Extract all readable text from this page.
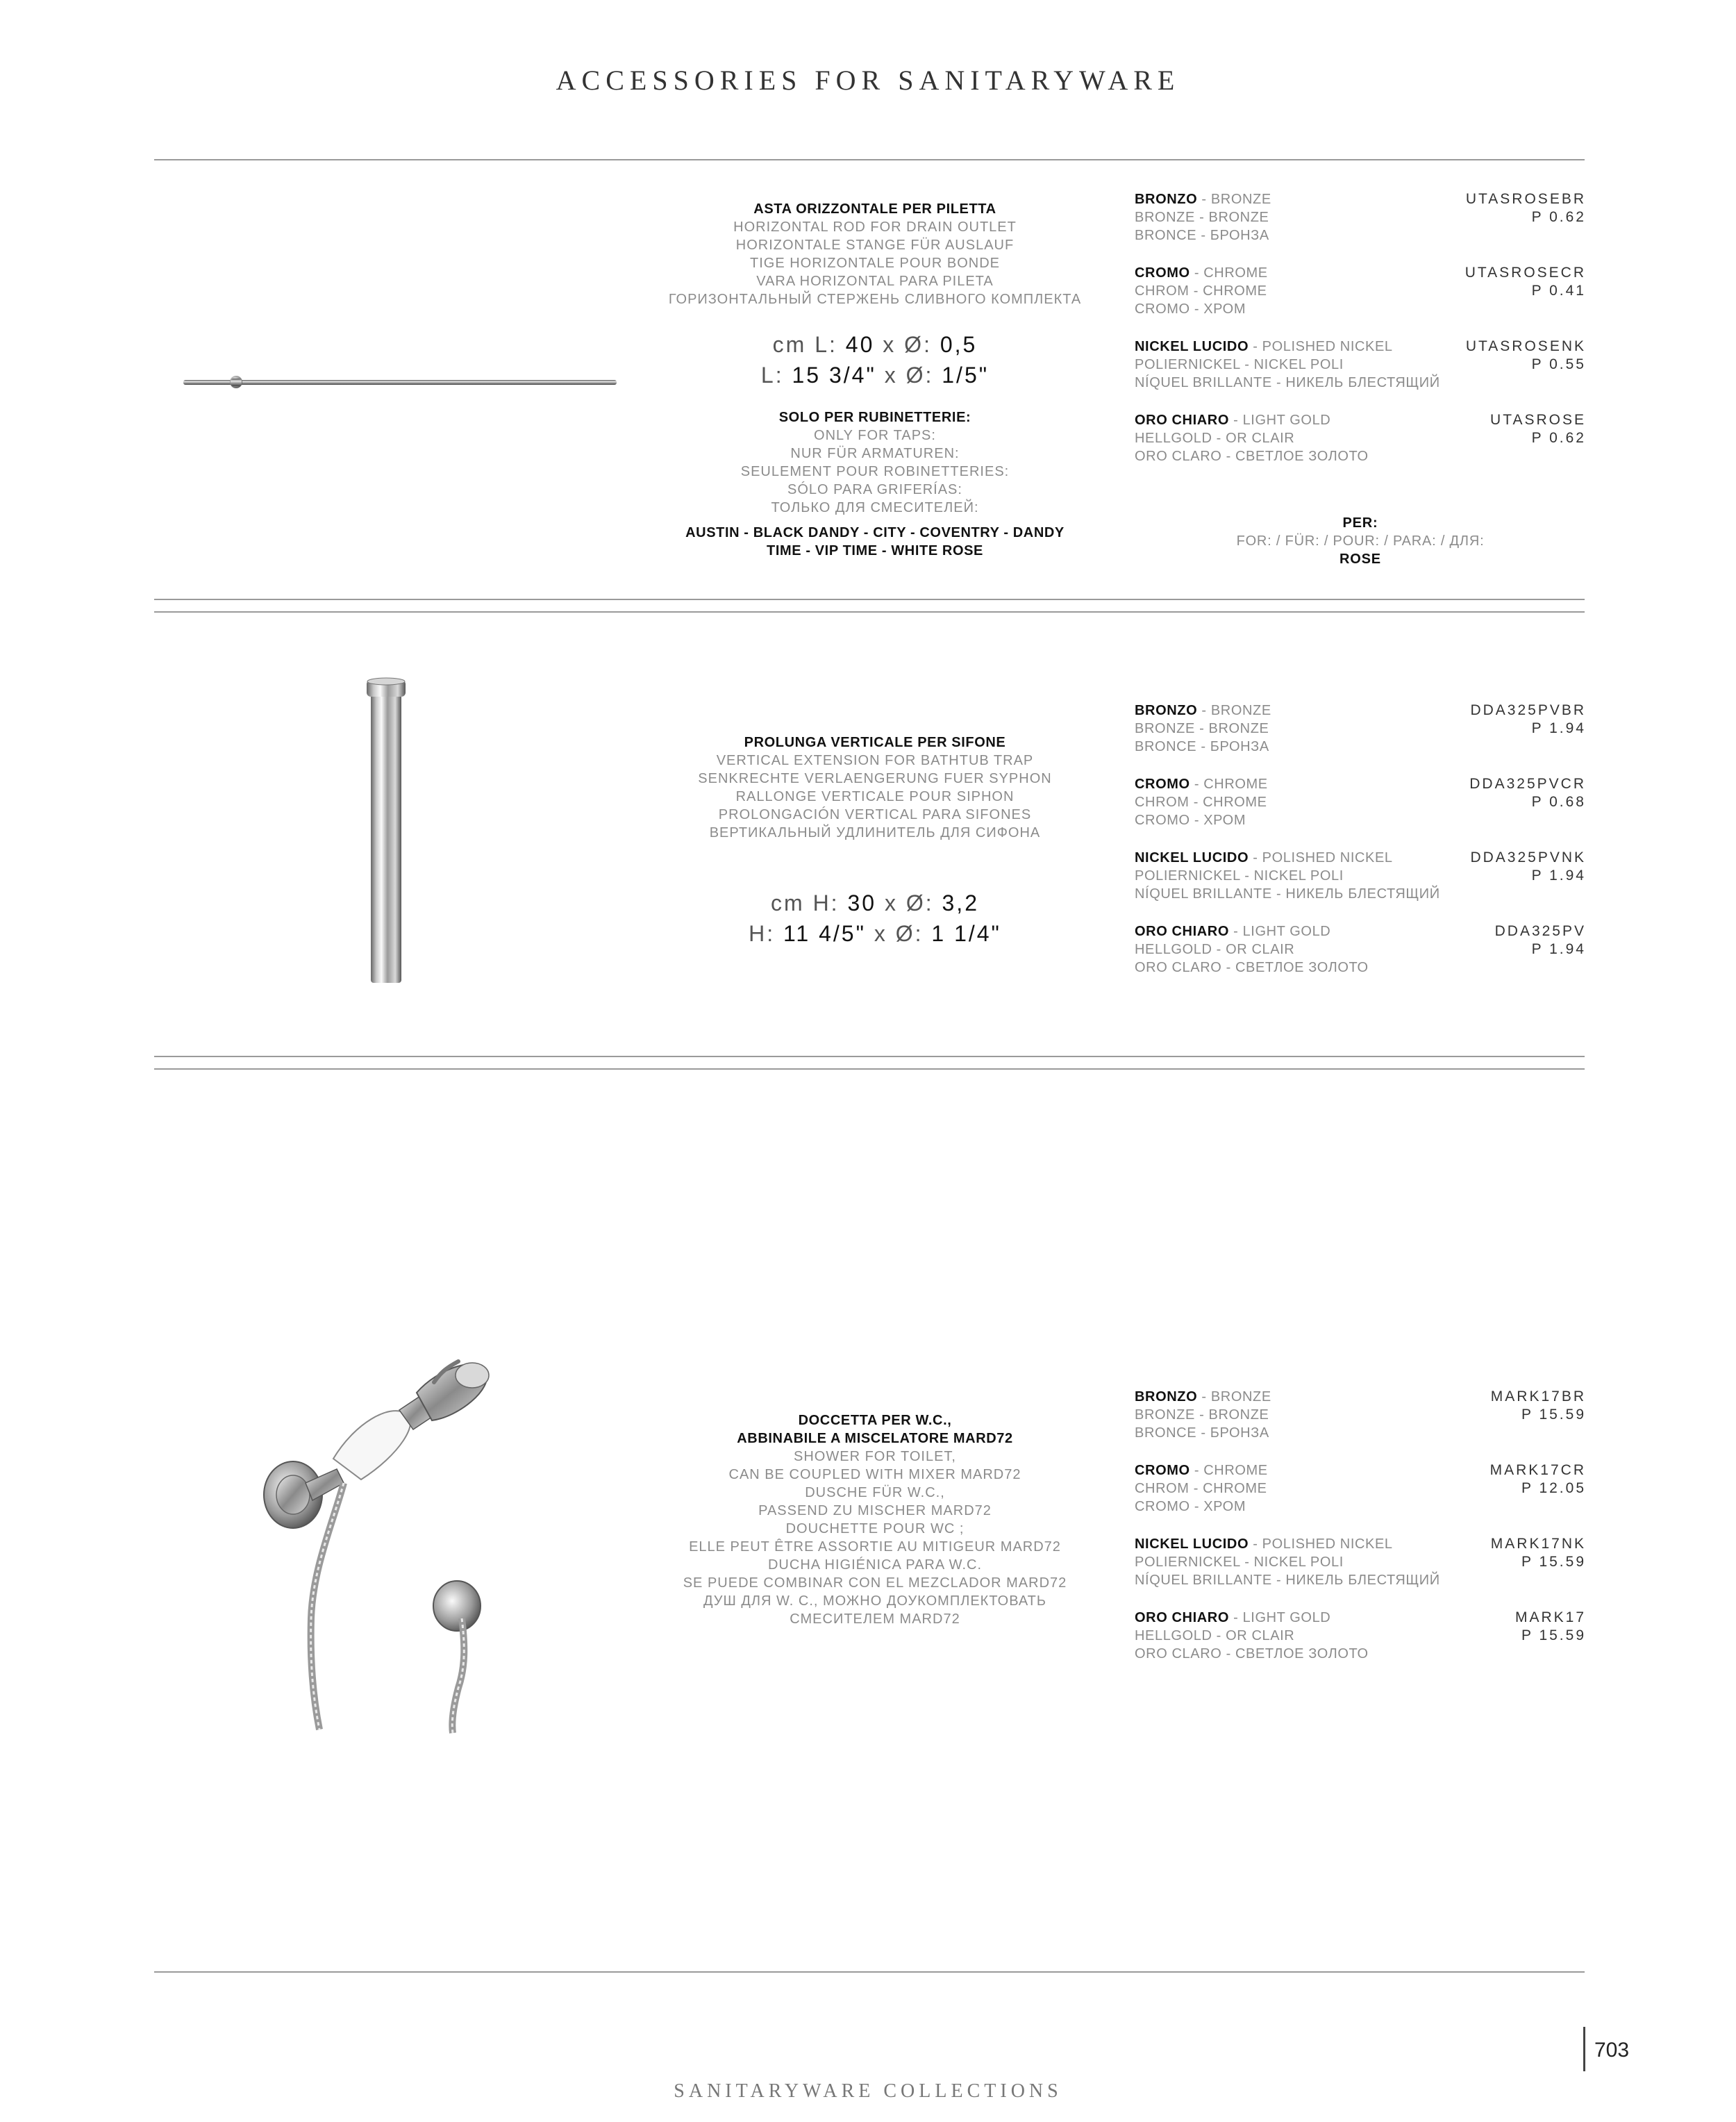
ACCESSORIES FOR SANITARYWARE
ASTA ORIZZONTALE PER PILETTA
HORIZONTAL ROD FOR DRAIN OUTLET
HORIZONTALE STANGE FÜR AUSLAUF
TIGE HORIZONTALE POUR BONDE
VARA HORIZONTAL PARA PILETA
ГОРИЗОНТАЛЬНЫЙ СТЕРЖЕНЬ СЛИВНОГО КОМПЛЕКТА
cm L: 40 x Ø: 0,5
L: 15 3/4" x Ø: 1/5"
SOLO PER RUBINETTERIE:
ONLY FOR TAPS:
NUR FÜR ARMATUREN:
SEULEMENT POUR ROBINETTERIES:
SÓLO PARA GRIFERÍAS:
ТОЛЬКО ДЛЯ СМЕСИТЕЛЕЙ:
AUSTIN - BLACK DANDY - CITY - COVENTRY - DANDY
TIME - VIP TIME - WHITE ROSE
BRONZO - BRONZE
BRONZE - BRONZE
BRONCE - БРОНЗА
UTASROSEBR
P 0.62
CROMO - CHROME
CHROM - CHROME
CROMO - ХРОМ
UTASROSECR
P 0.41
NICKEL LUCIDO - POLISHED NICKEL
POLIERNICKEL - NICKEL POLI
NÍQUEL BRILLANTE - НИКЕЛЬ БЛЕСТЯЩИЙ
UTASROSENK
P 0.55
ORO CHIARO - LIGHT GOLD
HELLGOLD - OR CLAIR
ORO CLARO - СВЕТЛОЕ ЗОЛОТО
UTASROSE
P 0.62
PER:
FOR: / FÜR: / POUR: / PARA: / ДЛЯ:
ROSE
PROLUNGA VERTICALE PER SIFONE
VERTICAL EXTENSION FOR BATHTUB TRAP
SENKRECHTE VERLAENGERUNG FUER SYPHON
RALLONGE VERTICALE POUR SIPHON
PROLONGACIÓN VERTICAL PARA SIFONES
ВЕРТИКАЛЬНЫЙ УДЛИНИТЕЛЬ ДЛЯ СИФОНА
cm H: 30 x Ø: 3,2
H: 11 4/5" x Ø: 1 1/4"
BRONZO - BRONZE
BRONZE - BRONZE
BRONCE - БРОНЗА
DDA325PVBR
P 1.94
CROMO - CHROME
CHROM - CHROME
CROMO - ХРОМ
DDA325PVCR
P 0.68
NICKEL LUCIDO - POLISHED NICKEL
POLIERNICKEL - NICKEL POLI
NÍQUEL BRILLANTE - НИКЕЛЬ БЛЕСТЯЩИЙ
DDA325PVNK
P 1.94
ORO CHIARO - LIGHT GOLD
HELLGOLD - OR CLAIR
ORO CLARO - СВЕТЛОЕ ЗОЛОТО
DDA325PV
P 1.94
DOCCETTA PER W.C.,
ABBINABILE A MISCELATORE MARD72
SHOWER FOR TOILET,
CAN BE COUPLED WITH MIXER MARD72
DUSCHE FÜR W.C.,
PASSEND ZU MISCHER MARD72
DOUCHETTE POUR WC ;
ELLE PEUT ÊTRE ASSORTIE AU MITIGEUR MARD72
DUCHA HIGIÉNICA PARA W.C.
SE PUEDE COMBINAR CON EL MEZCLADOR MARD72
ДУШ ДЛЯ W. C., МОЖНО ДОУКОМПЛЕКТОВАТЬ
СМЕСИТЕЛЕМ MARD72
BRONZO - BRONZE
BRONZE - BRONZE
BRONCE - БРОНЗА
MARK17BR
P 15.59
CROMO - CHROME
CHROM - CHROME
CROMO - ХРОМ
MARK17CR
P 12.05
NICKEL LUCIDO - POLISHED NICKEL
POLIERNICKEL - NICKEL POLI
NÍQUEL BRILLANTE - НИКЕЛЬ БЛЕСТЯЩИЙ
MARK17NK
P 15.59
ORO CHIARO - LIGHT GOLD
HELLGOLD - OR CLAIR
ORO CLARO - СВЕТЛОЕ ЗОЛОТО
MARK17
P 15.59
SANITARYWARE COLLECTIONS
703
